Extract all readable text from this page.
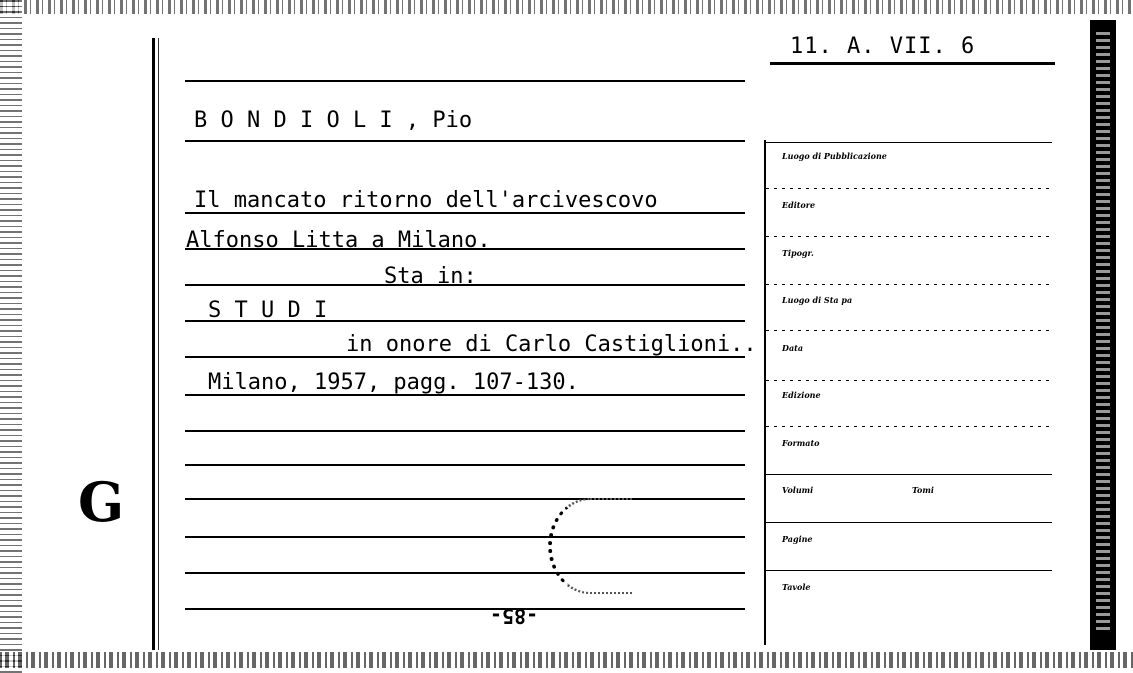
11. A. VII. 6
B O N D I O L I , Pio
Il mancato ritorno dell'arcivescovo
Alfonso Litta a Milano.
Sta in:
S T U D I
in onore di Carlo Castiglioni..
Milano, 1957, pagg. 107-130.
G
-85-
Luogo di Pubblicazione
Editore
Tipogr.
Luogo di Sta pa
Data
Edizione
Formato
Volumi	Tomi
Pagine
Tavole
